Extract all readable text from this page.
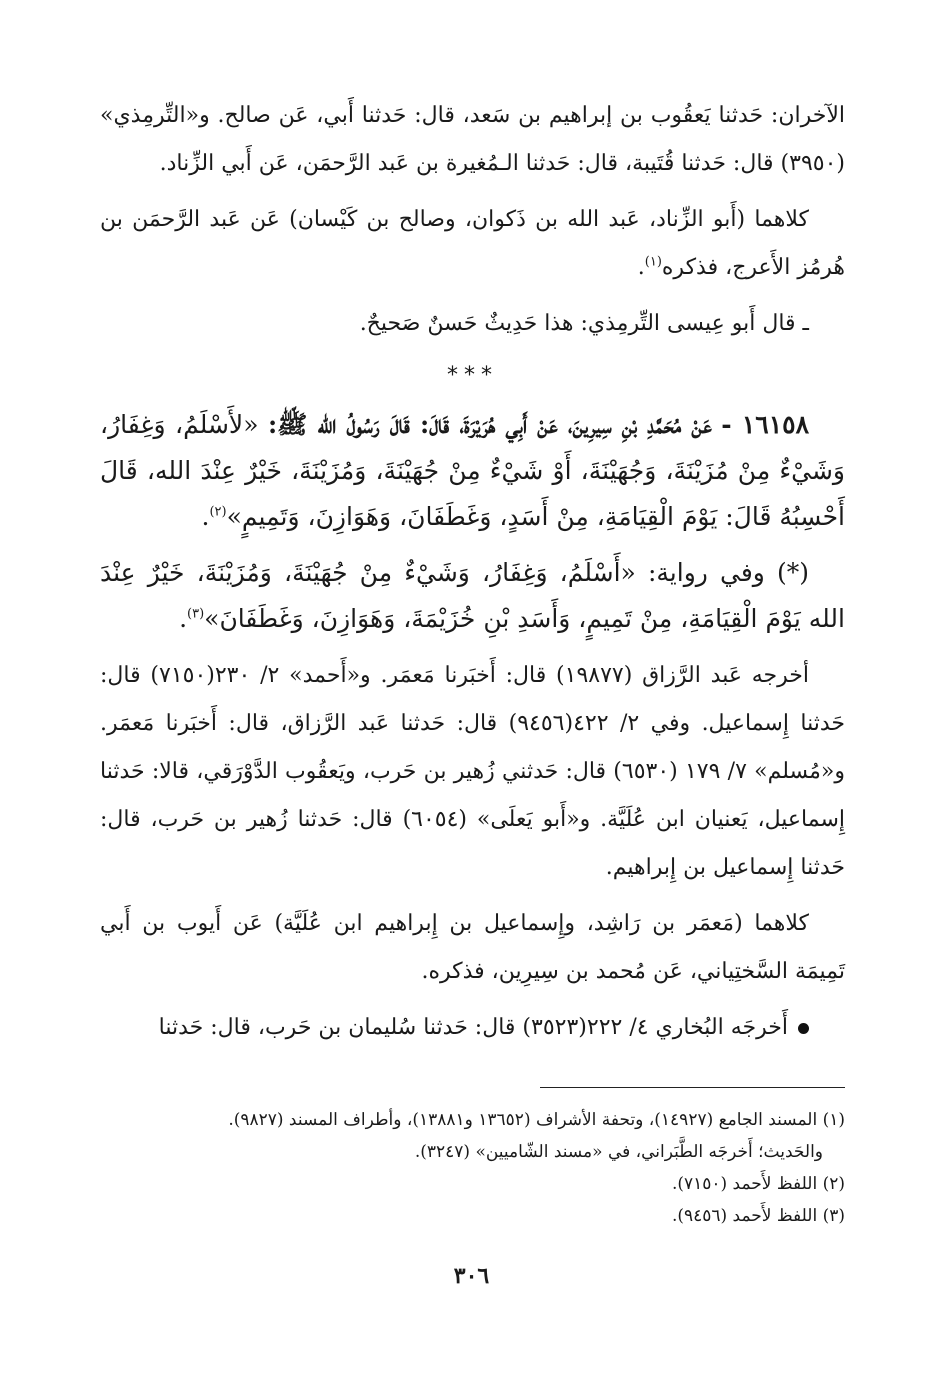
الآخران: حَدثنا يَعقُوب بن إبراهيم بن سَعد، قال: حَدثنا أَبي، عَن صالح. و«التِّرمِذي» (٣٩٥٠) قال: حَدثنا قُتَيبة، قال: حَدثنا الـمُغيرة بن عَبد الرَّحمَن، عَن أَبي الزِّناد.

كلاهما (أَبو الزِّناد، عَبد الله بن ذَكوان، وصالح بن كَيْسان) عَن عَبد الرَّحمَن بن هُرمُز الأَعرج، فذكره$^{(١)}$.

ـ قال أَبو عِيسى التِّرمِذي: هذا حَدِيثٌ حَسنٌ صَحيحٌ.

***

١٦١٥٨ - عَنْ مُحَمَّدِ بْنِ سِيرِينَ، عَنْ أَبِي هُرَيْرَةَ، قَالَ: قَالَ رَسُولُ الله ﷺ: «لأَسْلَمُ، وَغِفَارُ، وَشَيْءٌ مِنْ مُزَيْنَةَ، وَجُهَيْنَةَ، أَوْ شَيْءٌ مِنْ جُهَيْنَةَ، وَمُزَيْنَةَ، خَيْرٌ عِنْدَ الله، قَالَ أَحْسِبُهُ قَالَ: يَوْمَ الْقِيَامَةِ، مِنْ أَسَدٍ، وَغَطَفَانَ، وَهَوَازِنَ، وَتَمِيمٍ»$^{(٢)}$.

(*) وفي رواية: «أَسْلَمُ، وَغِفَارُ، وَشَيْءٌ مِنْ جُهَيْنَةَ، وَمُزَيْنَةَ، خَيْرٌ عِنْدَ الله يَوْمَ الْقِيَامَةِ، مِنْ تَمِيمٍ، وَأَسَدِ بْنِ خُزَيْمَةَ، وَهَوَازِنَ، وَغَطَفَانَ»$^{(٣)}$.

أخرجه عَبد الرَّزاق (١٩٨٧٧) قال: أَخبَرنا مَعمَر. و«أَحمد» ٢/ ٢٣٠(٧١٥٠) قال: حَدثنا إِسماعيل. وفي ٢/ ٤٢٢(٩٤٥٦) قال: حَدثنا عَبد الرَّزاق، قال: أَخبَرنا مَعمَر. و«مُسلم» ٧/ ١٧٩ (٦٥٣٠) قال: حَدثني زُهير بن حَرب، ويَعقُوب الدَّوْرَقي، قالا: حَدثنا إِسماعيل، يَعنيان ابن عُلَيَّة. و«أَبو يَعلَى» (٦٠٥٤) قال: حَدثنا زُهير بن حَرب، قال: حَدثنا إِسماعيل بن إِبراهيم.

كلاهما (مَعمَر بن رَاشِد، وإِسماعيل بن إِبراهيم ابن عُلَيَّة) عَن أَيوب بن أَبي تَمِيمَة السَّختِياني، عَن مُحمد بن سِيرِين، فذكره.

أَخرجَه البُخاري ٤/ ٢٢٢(٣٥٢٣) قال: حَدثنا سُليمان بن حَرب، قال: حَدثنا

(١) المسند الجامع (١٤٩٢٧)، وتحفة الأشراف (١٣٦٥٢ و١٣٨٨١)، وأطراف المسند (٩٨٢٧).

والحَديث؛ أَخرجَه الطَّبَراني، في «مسند الشّاميين» (٣٢٤٧).

(٢) اللفظ لأَحمد (٧١٥٠).

(٣) اللفظ لأَحمد (٩٤٥٦).

٣٠٦
